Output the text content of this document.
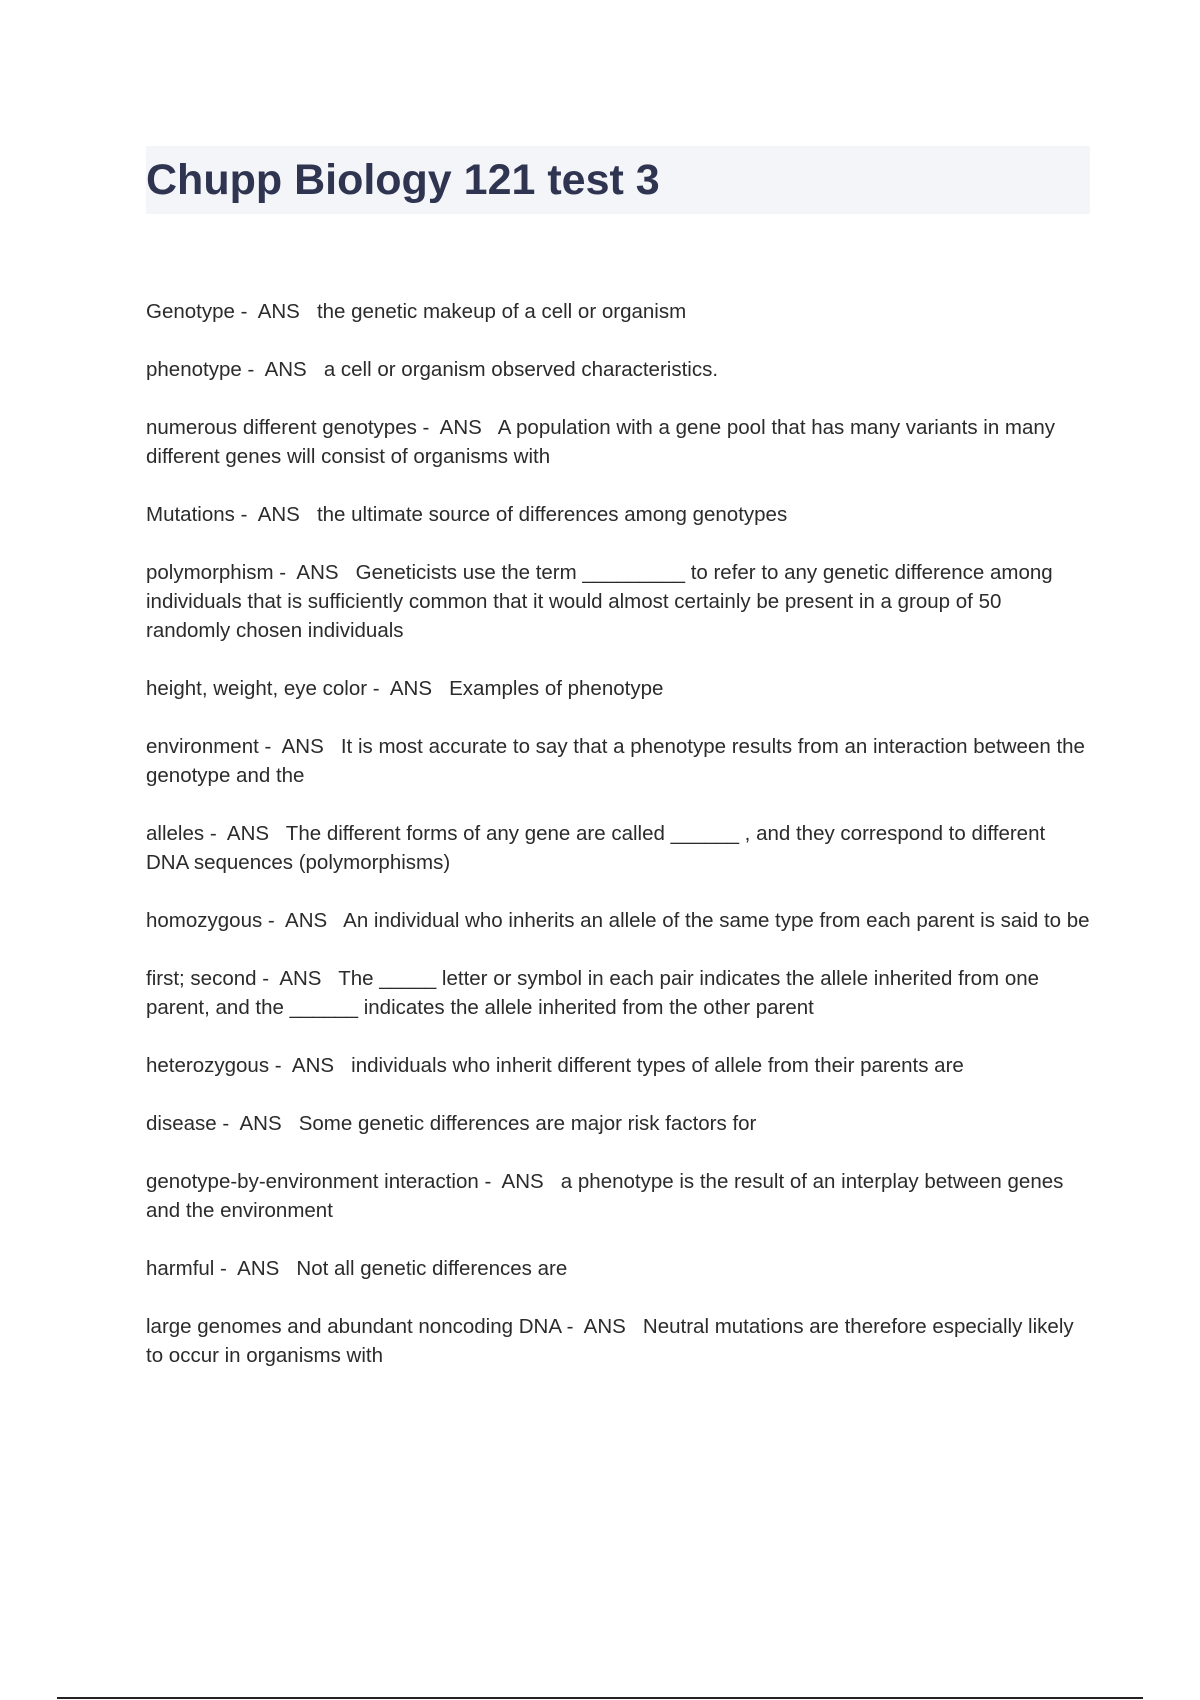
Chupp Biology 121 test 3

Genotype -  ANS the genetic makeup of a cell or organism

phenotype -  ANS a cell or organism observed characteristics.

numerous different genotypes -  ANS A population with a gene pool that has many variants in many different genes will consist of organisms with

Mutations -  ANS the ultimate source of differences among genotypes

polymorphism -  ANS Geneticists use the term _________ to refer to any genetic difference among individuals that is sufficiently common that it would almost certainly be present in a group of 50 randomly chosen individuals

height, weight, eye color -  ANS Examples of phenotype

environment -  ANS It is most accurate to say that a phenotype results from an interaction between the genotype and the

alleles -  ANS The different forms of any gene are called ______ , and they correspond to different DNA sequences (polymorphisms)

homozygous -  ANS An individual who inherits an allele of the same type from each parent is said to be

first; second -  ANS The _____ letter or symbol in each pair indicates the allele inherited from one parent, and the ______ indicates the allele inherited from the other parent

heterozygous -  ANS individuals who inherit different types of allele from their parents are

disease -  ANS Some genetic differences are major risk factors for

genotype-by-environment interaction -  ANS a phenotype is the result of an interplay between genes and the environment

harmful -  ANS Not all genetic differences are

large genomes and abundant noncoding DNA -  ANS Neutral mutations are therefore especially likely to occur in organisms with
